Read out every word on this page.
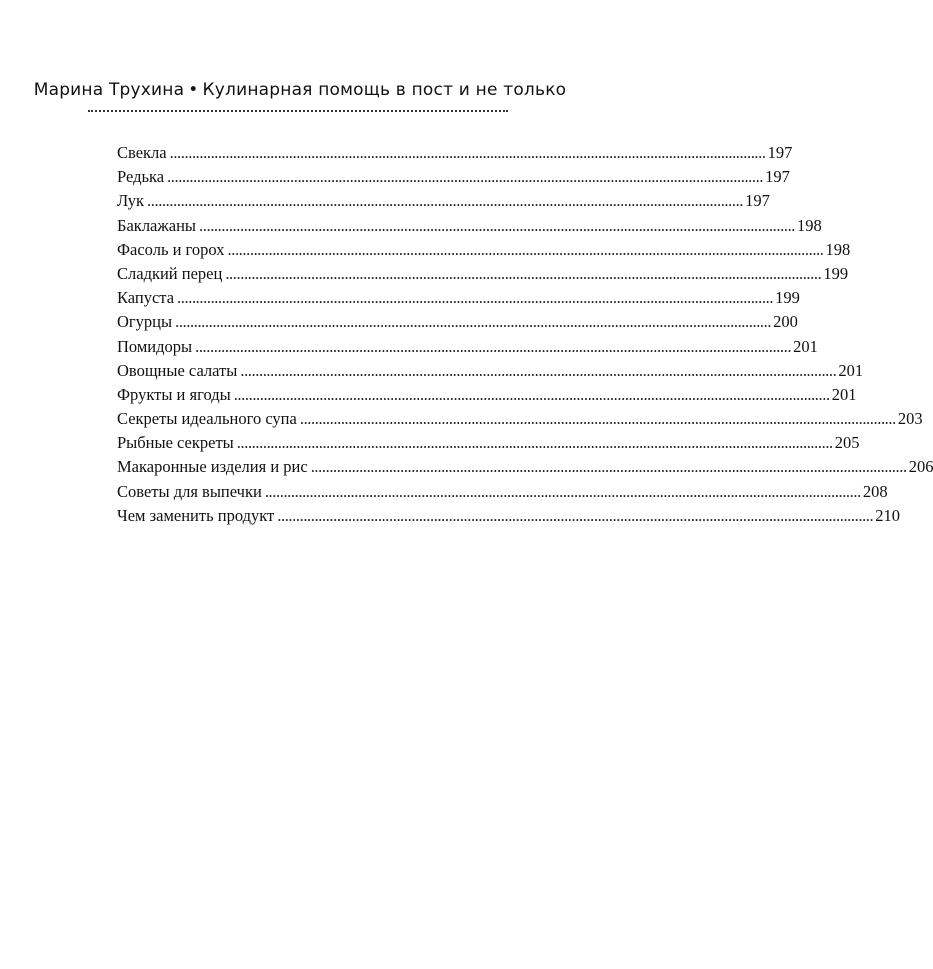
Марина Трухина • Кулинарная помощь в пост и не только
Свекла ................................................................................................................................................................ 197
Редька ................................................................................................................................................................ 197
Лук ................................................................................................................................................................ 197
Баклажаны ................................................................................................................................................................ 198
Фасоль и горох ................................................................................................................................................................ 198
Сладкий перец ................................................................................................................................................................ 199
Капуста ................................................................................................................................................................ 199
Огурцы ................................................................................................................................................................ 200
Помидоры ................................................................................................................................................................ 201
Овощные салаты ................................................................................................................................................................ 201
Фрукты и ягоды ................................................................................................................................................................ 201
Секреты идеального супа ................................................................................................................................................................ 203
Рыбные секреты ................................................................................................................................................................ 205
Макаронные изделия и рис ................................................................................................................................................................ 206
Советы для выпечки ................................................................................................................................................................ 208
Чем заменить продукт ................................................................................................................................................................ 210
